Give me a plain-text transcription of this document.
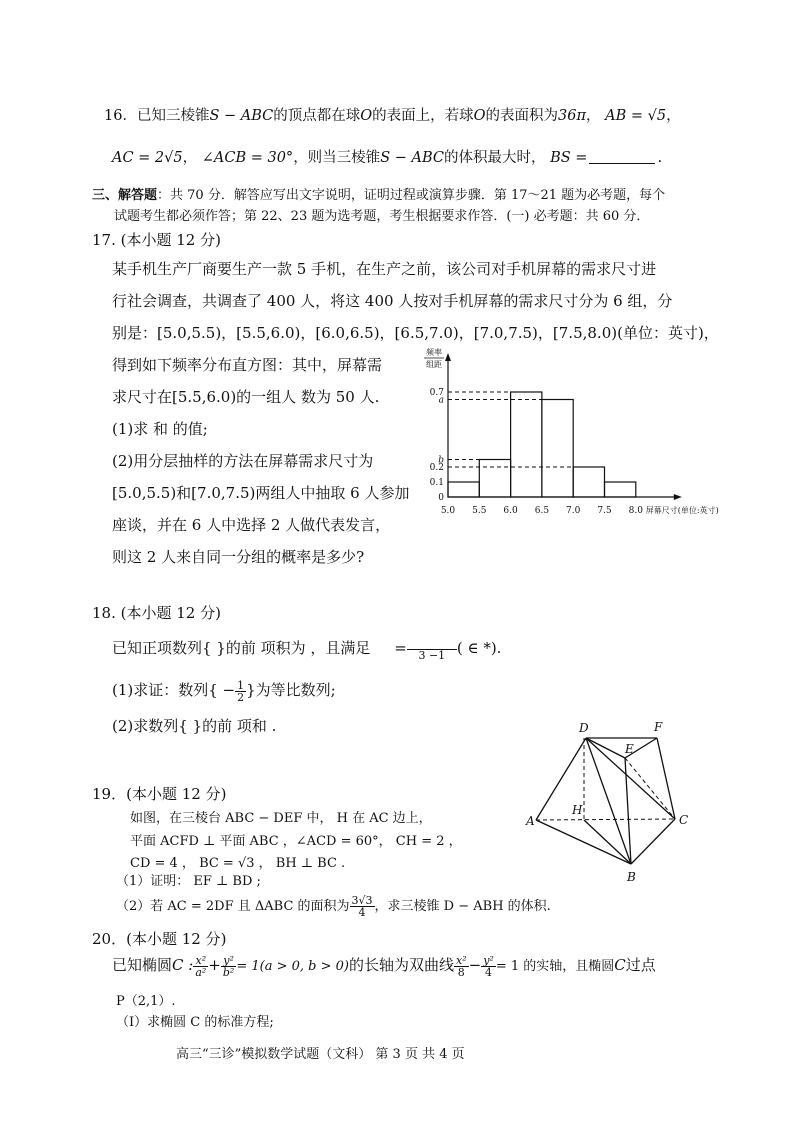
16．已知三棱锥S − ABC的顶点都在球O的表面上，若球O的表面积为36π， AB = √5，
AC = 2√5， ∠ACB = 30°，则当三棱锥S − ABC的体积最大时， BS =	.
三、解答题：共 70 分．解答应写出文字说明，证明过程或演算步骤．第 17～21 题为必考题，每个
试题考生都必须作答；第 22、23 题为选考题，考生根据要求作答．(一) 必考题：共 60 分．
17. (本小题 12 分)
某手机生产厂商要生产一款 5 手机，在生产之前，该公司对手机屏幕的需求尺寸进
行社会调查，共调查了 400 人，将这 400 人按对手机屏幕的需求尺寸分为 6 组，分
别是：[5.0,5.5)，[5.5,6.0)，[6.0,6.5)，[6.5,7.0)，[7.0,7.5)，[7.5,8.0)(单位：英寸)，
得到如下频率分布直方图：其中，屏幕需
求尺寸在[5.5,6.0)的一组人 数为 50 人.
(1)求 和 的值;
(2)用分层抽样的方法在屏幕需求尺寸为
[5.0,5.5)和[7.0,7.5)两组人中抽取 6 人参加
座谈，并在 6 人中选择 2 人做代表发言，
则这 2 人来自同一分组的概率是多少?
0.7
a
b
0.2
0.1
0
5.0 5.5 6.0 6.5 7.0 7.5 8.0
频率
组距
屏幕尺寸(单位:英寸)
18. (本小题 12 分)
已知正项数列{ }的前 项积为 ，且满足 =
	3 −1 ( ∈ *).
(1)求证：数列{ − $\frac{1}{2}$ }为等比数列;
(2)求数列{ }的前 项和 .	D	F
E
H
A	C
B
19．(本小题 12 分)
如图，在三棱台 ABC − DEF 中， H 在 AC 边上，
平面 ACFD ⊥ 平面 ABC ，∠ACD = 60°， CH = 2 ，
CD = 4 ， BC = √3 ， BH ⊥ BC .
（1）证明： EF ⊥ BD ;
（2）若 AC = 2DF 且 ΔABC 的面积为 $\frac{3√3}{4}$ ，求三棱锥 D − ABH 的体积.
20．(本小题 12 分)
已知椭圆C : $\frac{\text{x²}}{\text{a²}} + \frac{\text{y²}}{\text{b²}} = 1(a > 0$, b > 0)的长轴为双曲线 $\frac{\text{x²}}{8} - \frac{\text{y²}}{4} = 1$ 的实轴，且椭圆C过点
P（2,1）.
（Ⅰ）求椭圆 C 的标准方程;
高三“三诊”模拟数学试题（文科） 第 3 页 共 4 页
